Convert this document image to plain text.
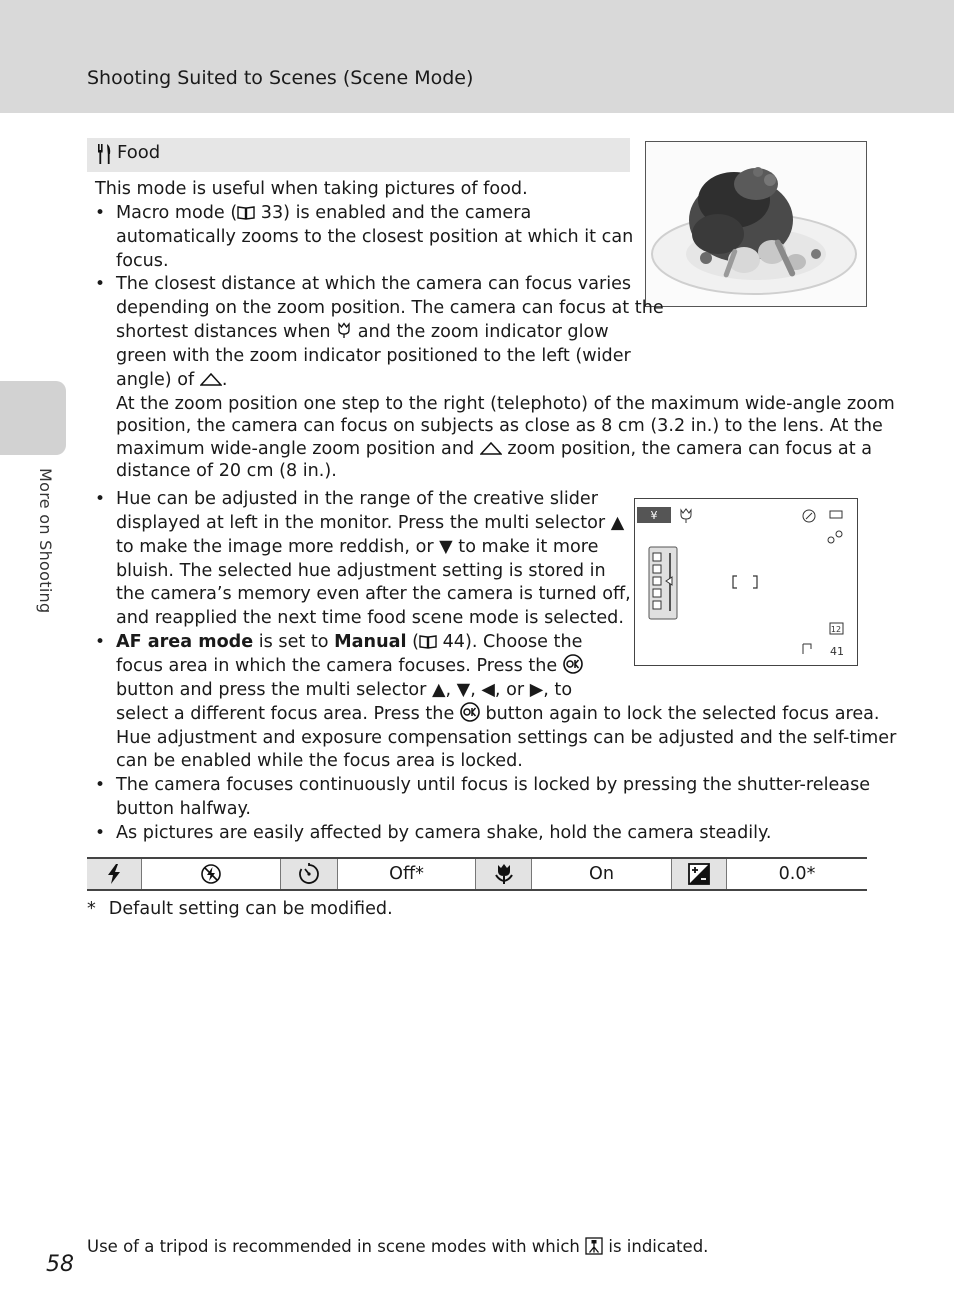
Shooting Suited to Scenes (Scene Mode)
More on Shooting
Food
This mode is useful when taking pictures of food.
• Macro mode ( 33) is enabled and the camera
automatically zooms to the closest position at which it can
focus.
• The closest distance at which the camera can focus varies
depending on the zoom position. The camera can focus at the
shortest distances when  and the zoom indicator glow
green with the zoom indicator positioned to the left (wider
angle) of .
At the zoom position one step to the right (telephoto) of the maximum wide-angle zoom
position, the camera can focus on subjects as close as 8 cm (3.2 in.) to the lens. At the
maximum wide-angle zoom position and  zoom position, the camera can focus at a
distance of 20 cm (8 in.).
• Hue can be adjusted in the range of the creative slider
displayed at left in the monitor. Press the multi selector ▲
to make the image more reddish, or ▼ to make it more
bluish. The selected hue adjustment setting is stored in
the camera’s memory even after the camera is turned off,
and reapplied the next time food scene mode is selected.
¥
12
41
• AF area mode is set to Manual ( 44). Choose the
focus area in which the camera focuses. Press the
button and press the multi selector ▲, ▼, ◀, or ▶, to
select a different focus area. Press the  button again to lock the selected focus area.
Hue adjustment and exposure compensation settings can be adjusted and the self-timer
can be enabled while the focus area is locked.
• The camera focuses continuously until focus is locked by pressing the shutter-release
button halfway.
• As pictures are easily affected by camera shake, hold the camera steadily.
Off*	On	0.0*
* Default setting can be modified.
Use of a tripod is recommended in scene modes with which  is indicated.
58
